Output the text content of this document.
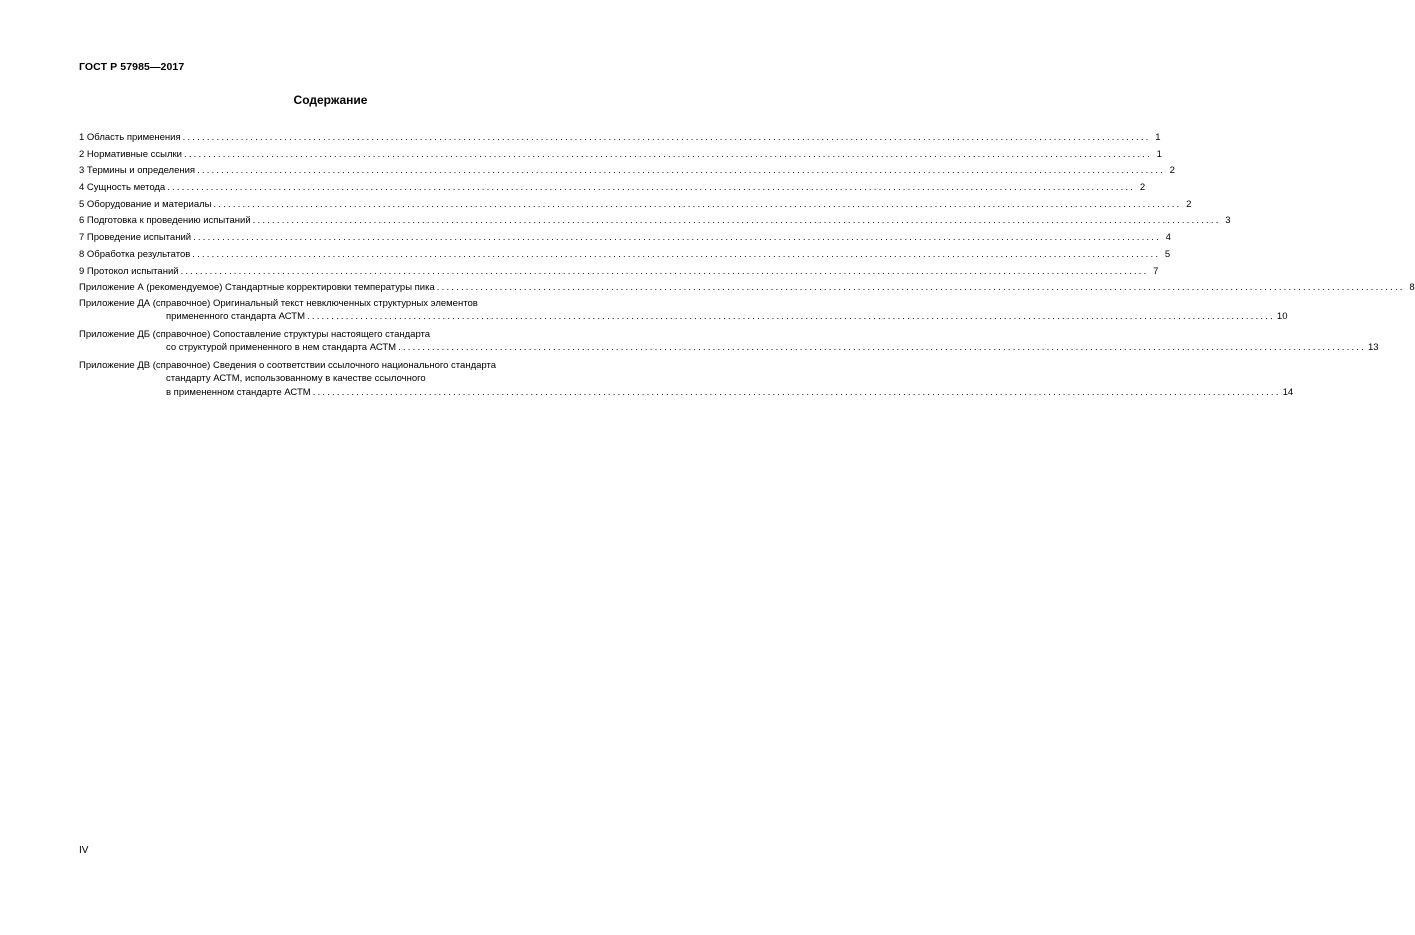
ГОСТ Р 57985—2017
Содержание
1 Область применения ........................................................................................................................................................................................................ 1
2 Нормативные ссылки ........................................................................................................................................................................................................ 1
3 Термины и определения ........................................................................................................................................................................................................ 2
4 Сущность метода ........................................................................................................................................................................................................ 2
5 Оборудование и материалы ........................................................................................................................................................................................................ 2
6 Подготовка к проведению испытаний ........................................................................................................................................................................................................ 3
7 Проведение испытаний ........................................................................................................................................................................................................ 4
8 Обработка результатов ........................................................................................................................................................................................................ 5
9 Протокол испытаний ........................................................................................................................................................................................................ 7
Приложение А (рекомендуемое) Стандартные корректировки температуры пика ........................................................................................................................................................................................................ 8
Приложение ДА (справочное) Оригинальный текст невключенных структурных элементов
примененного стандарта АСТМ ........................................................................................................................................................................................................ 10
Приложение ДБ (справочное) Сопоставление структуры настоящего стандарта
со структурой примененного в нем стандарта АСТМ ........................................................................................................................................................................................................ 13
Приложение ДВ (справочное) Сведения о соответствии ссылочного национального стандарта
стандарту АСТМ, использованному в качестве ссылочного
в примененном стандарте АСТМ ........................................................................................................................................................................................................ 14
IV
